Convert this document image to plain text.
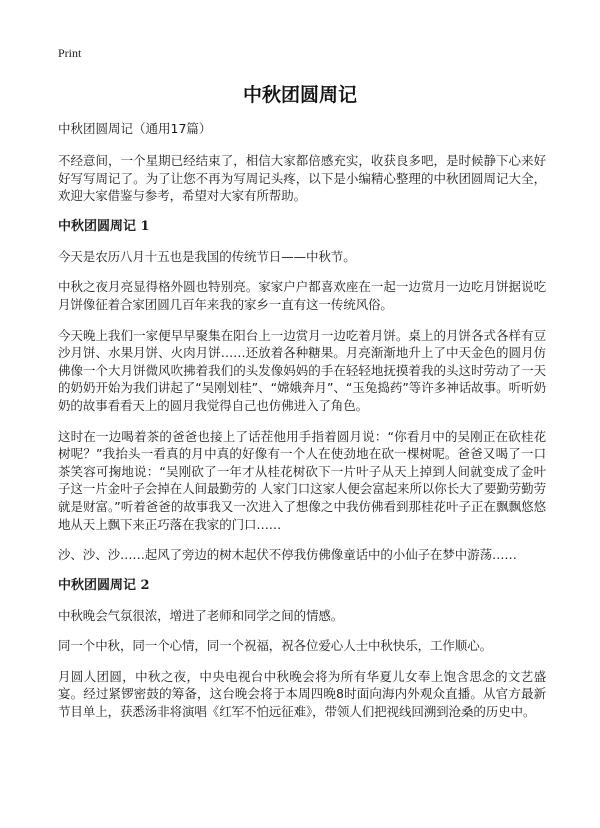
Print
中秋团圆周记

中秋团圆周记（通用17篇）

不经意间，一个星期已经结束了，相信大家都倍感充实，收获良多吧，是时候静下心来好好写写周记了。为了让您不再为写周记头疼，以下是小编精心整理的中秋团圆周记大全，欢迎大家借鉴与参考，希望对大家有所帮助。

中秋团圆周记 1

今天是农历八月十五也是我国的传统节日——中秋节。

中秋之夜月亮显得格外圆也特别亮。家家户户都喜欢座在一起一边赏月一边吃月饼据说吃月饼像征着合家团圆几百年来我的家乡一直有这一传统风俗。

今天晚上我们一家便早早聚集在阳台上一边赏月一边吃着月饼。桌上的月饼各式各样有豆沙月饼、水果月饼、火肉月饼……还放着各种糖果。月亮渐渐地升上了中天金色的圆月仿佛像一个大月饼微风吹拂着我们的头发像妈妈的手在轻轻地抚摸着我的头这时劳动了一天的奶奶开始为我们讲起了“吴刚划桂”、“嫦娥奔月”、“玉兔捣药”等许多神话故事。听听奶奶的故事看看天上的圆月我觉得自己也仿佛进入了角色。

这时在一边喝着茶的爸爸也接上了话茬他用手指着圆月说：“你看月中的吴刚正在砍桂花树呢？”我抬头一看真的月中真的好像有一个人在使劲地在砍一棵树呢。爸爸又喝了一口茶笑容可掬地说：“吴刚砍了一年才从桂花树砍下一片叶子从天上掉到人间就变成了金叶子这一片金叶子会掉在人间最勤劳的 人家门口这家人便会富起来所以你长大了要勤劳勤劳就是财富。”听着爸爸的故事我又一次进入了想像之中我仿佛看到那桂花叶子正在飘飘悠悠地从天上飘下来正巧落在我家的门口……

沙、沙、沙……起风了旁边的树木起伏不停我仿佛像童话中的小仙子在梦中游荡……

中秋团圆周记 2

中秋晚会气氛很浓，增进了老师和同学之间的情感。

同一个中秋，同一个心情，同一个祝福，祝各位爱心人士中秋快乐，工作顺心。

月圆人团圆，中秋之夜，中央电视台中秋晚会将为所有华夏儿女奉上饱含思念的文艺盛宴。经过紧锣密鼓的筹备，这台晚会将于本周四晚8时面向海内外观众直播。从官方最新节目单上，获悉汤非将演唱《红军不怕远征难》，带领人们把视线回溯到沧桑的历史中。
